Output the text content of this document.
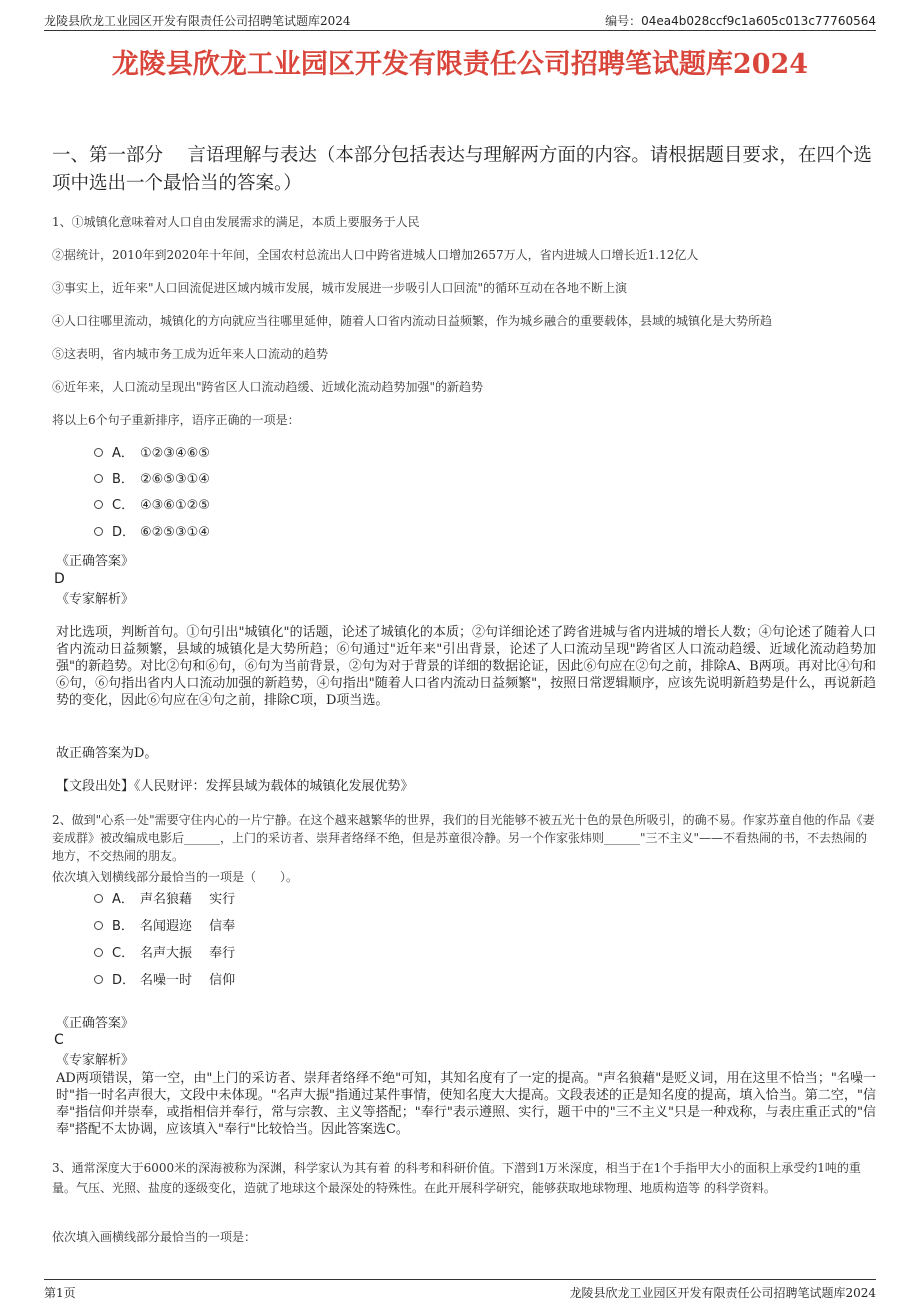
龙陵县欣龙工业园区开发有限责任公司招聘笔试题库2024	编号：04ea4b028ccf9c1a605c013c77760564
龙陵县欣龙工业园区开发有限责任公司招聘笔试题库2024
一、第一部分　 言语理解与表达（本部分包括表达与理解两方面的内容。请根据题目要求，在四个选项中选出一个最恰当的答案。）
1、①城镇化意味着对人口自由发展需求的满足，本质上要服务于人民
②据统计，2010年到2020年十年间，全国农村总流出人口中跨省进城人口增加2657万人，省内进城人口增长近1.12亿人
③事实上，近年来"人口回流促进区域内城市发展，城市发展进一步吸引人口回流"的循环互动在各地不断上演
④人口往哪里流动，城镇化的方向就应当往哪里延伸，随着人口省内流动日益频繁，作为城乡融合的重要载体，县域的城镇化是大势所趋
⑤这表明，省内城市务工成为近年来人口流动的趋势
⑥近年来，人口流动呈现出"跨省区人口流动趋缓、近域化流动趋势加强"的新趋势
将以上6个句子重新排序，语序正确的一项是：
A． ①②③④⑥⑤
B． ②⑥⑤③①④
C． ④③⑥①②⑤
D． ⑥②⑤③①④
《正确答案》
D
《专家解析》
对比选项，判断首句。①句引出"城镇化"的话题，论述了城镇化的本质；②句详细论述了跨省进城与省内进城的增长人数；④句论述了随着人口省内流动日益频繁，县域的城镇化是大势所趋；⑥句通过"近年来"引出背景，论述了人口流动呈现"跨省区人口流动趋缓、近域化流动趋势加强"的新趋势。对比②句和⑥句，⑥句为当前背景，②句为对于背景的详细的数据论证，因此⑥句应在②句之前，排除A、B两项。再对比④句和⑥句，⑥句指出省内人口流动加强的新趋势，④句指出"随着人口省内流动日益频繁"，按照日常逻辑顺序，应该先说明新趋势是什么，再说新趋势的变化，因此⑥句应在④句之前，排除C项，D项当选。
故正确答案为D。
【文段出处】《人民财评：发挥县域为载体的城镇化发展优势》
2、做到"心系一处"需要守住内心的一片宁静。在这个越来越繁华的世界，我们的目光能够不被五光十色的景色所吸引，的确不易。作家苏童自他的作品《妻妾成群》被改编成电影后______，上门的采访者、崇拜者络绎不绝，但是苏童很冷静。另一个作家张炜则______"三不主义"——不看热闹的书，不去热闹的地方，不交热闹的朋友。
依次填入划横线部分最恰当的一项是（　　）。
A． 声名狼藉　 实行
B． 名闻遐迩　 信奉
C． 名声大振　 奉行
D． 名噪一时　 信仰
《正确答案》
C
《专家解析》
AD两项错误，第一空，由"上门的采访者、崇拜者络绎不绝"可知，其知名度有了一定的提高。"声名狼藉"是贬义词，用在这里不恰当；"名噪一时"指一时名声很大，文段中未体现。"名声大振"指通过某件事情，使知名度大大提高。文段表述的正是知名度的提高，填入恰当。第二空，"信奉"指信仰并崇奉，或指相信并奉行，常与宗教、主义等搭配；"奉行"表示遵照、实行，题干中的"三不主义"只是一种戏称，与表庄重正式的"信奉"搭配不太协调，应该填入"奉行"比较恰当。因此答案选C。
3、通常深度大于6000米的深海被称为深渊，科学家认为其有着 的科考和科研价值。下潜到1万米深度，相当于在1个手指甲大小的面积上承受约1吨的重量。气压、光照、盐度的逐级变化，造就了地球这个最深处的特殊性。在此开展科学研究，能够获取地球物理、地质构造等 的科学资料。
依次填入画横线部分最恰当的一项是：
第1页	龙陵县欣龙工业园区开发有限责任公司招聘笔试题库2024
